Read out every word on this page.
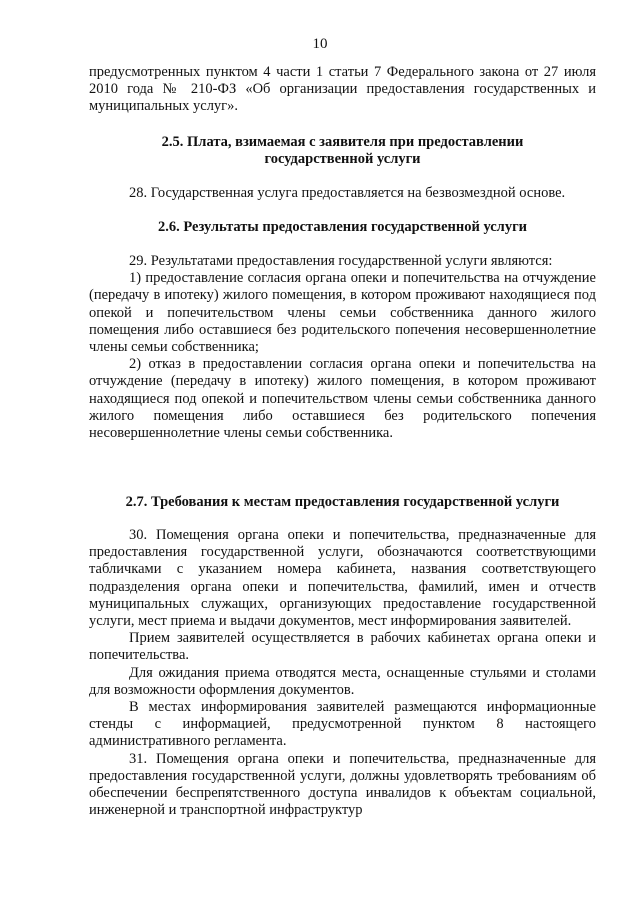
10

предусмотренных пунктом 4 части 1 статьи 7 Федерального закона от 27 июля 2010 года № 210-ФЗ «Об организации предоставления государственных и муниципальных услуг».

2.5. Плата, взимаемая с заявителя при предоставлении

государственной услуги

28. Государственная услуга предоставляется на безвозмездной основе.

2.6. Результаты предоставления государственной услуги

29. Результатами предоставления государственной услуги являются:

1) предоставление согласия органа опеки и попечительства на отчуждение (передачу в ипотеку) жилого помещения, в котором проживают находящиеся под опекой и попечительством члены семьи собственника данного жилого помещения либо оставшиеся без родительского попечения несовершеннолетние члены семьи собственника;

2) отказ в предоставлении согласия органа опеки и попечительства на отчуждение (передачу в ипотеку) жилого помещения, в котором проживают находящиеся под опекой и попечительством члены семьи собственника данного жилого помещения либо оставшиеся без родительского попечения несовершеннолетние члены семьи собственника.

2.7. Требования к местам предоставления государственной услуги

30. Помещения органа опеки и попечительства, предназначенные для предоставления государственной услуги, обозначаются соответствующими табличками с указанием номера кабинета, названия соответствующего подразделения органа опеки и попечительства, фамилий, имен и отчеств муниципальных служащих, организующих предоставление государственной услуги, мест приема и выдачи документов, мест информирования заявителей.

Прием заявителей осуществляется в рабочих кабинетах органа опеки и попечительства.

Для ожидания приема отводятся места, оснащенные стульями и столами для возможности оформления документов.

В местах информирования заявителей размещаются информационные стенды с информацией, предусмотренной пунктом 8 настоящего административного регламента.

31. Помещения органа опеки и попечительства, предназначенные для предоставления государственной услуги, должны удовлетворять требованиям об обеспечении беспрепятственного доступа инвалидов к объектам социальной, инженерной и транспортной инфраструктур
